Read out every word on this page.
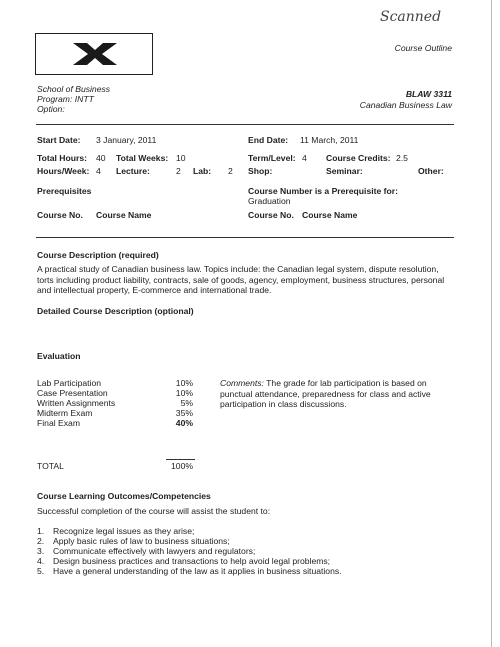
Scanned
Course Outline
School of Business
Program: INTT
Option:
BLAW 3311
Canadian Business Law
Start Date: 3 January, 2011	End Date: 11 March, 2011
Total Hours: 40 Total Weeks: 10	Term/Level: 4 Course Credits: 2.5
Hours/Week: 4 Lecture:	2 Lab: 2 Shop:	Seminar:	Other:
Prerequisites	Course Number is a Prerequisite for:
Graduation
Course No. Course Name	Course No. Course Name
Course Description (required)
A practical study of Canadian business law. Topics include: the Canadian legal system, dispute resolution, torts including product liability, contracts, sale of goods, agency, employment, business structures, personal and intellectual property, E-commerce and international trade.
Detailed Course Description (optional)
Evaluation
Lab Participation	10%
Case Presentation	10%
Written Assignments	5%
Midterm Exam	35%
Final Exam	40%
Comments: The grade for lab participation is based on punctual attendance, preparedness for class and active participation in class discussions.
TOTAL	100%
Course Learning Outcomes/Competencies
Successful completion of the course will assist the student to:
1. Recognize legal issues as they arise;
2. Apply basic rules of law to business situations;
3. Communicate effectively with lawyers and regulators;
4. Design business practices and transactions to help avoid legal problems;
5. Have a general understanding of the law as it applies in business situations.
